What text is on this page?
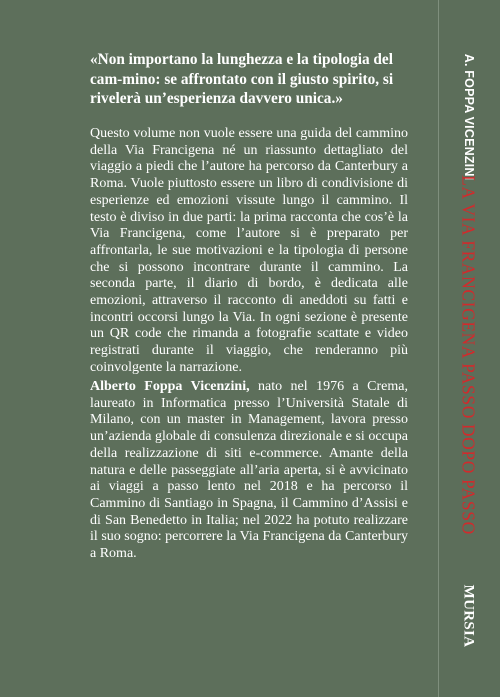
«Non importano la lunghezza e la tipologia del cam-mino: se affrontato con il giusto spirito, si rivelerà un’esperienza davvero unica.»

Questo volume non vuole essere una guida del cammino della Via Francigena né un riassunto dettagliato del viaggio a piedi che l’autore ha percorso da Canterbury a Roma. Vuole piuttosto essere un libro di condivisione di esperienze ed emozioni vissute lungo il cammino. Il testo è diviso in due parti: la prima racconta che cos’è la Via Francigena, come l’autore si è preparato per affrontarla, le sue motivazioni e la tipologia di persone che si possono incontrare durante il cammino. La seconda parte, il diario di bordo, è dedicata alle emozioni, attraverso il racconto di aneddoti su fatti e incontri occorsi lungo la Via. In ogni sezione è presente un QR code che rimanda a fotografie scattate e video registrati durante il viaggio, che renderanno più coinvolgente la narrazione.

Alberto Foppa Vicenzini, nato nel 1976 a Crema, laureato in Informatica presso l’Università Statale di Milano, con un master in Management, lavora presso un’azienda globale di consulenza direzionale e si occupa della realizzazione di siti e-commerce. Amante della natura e delle passeggiate all’aria aperta, si è avvicinato ai viaggi a passo lento nel 2018 e ha percorso il Cammino di Santiago in Spagna, il Cammino d’Assisi e di San Benedetto in Italia; nel 2022 ha potuto realizzare il suo sogno: percorrere la Via Francigena da Canterbury a Roma.

A. FOPPA VICENZINI
LA VIA FRANCIGENA PASSO DOPO PASSO
MURSIA
